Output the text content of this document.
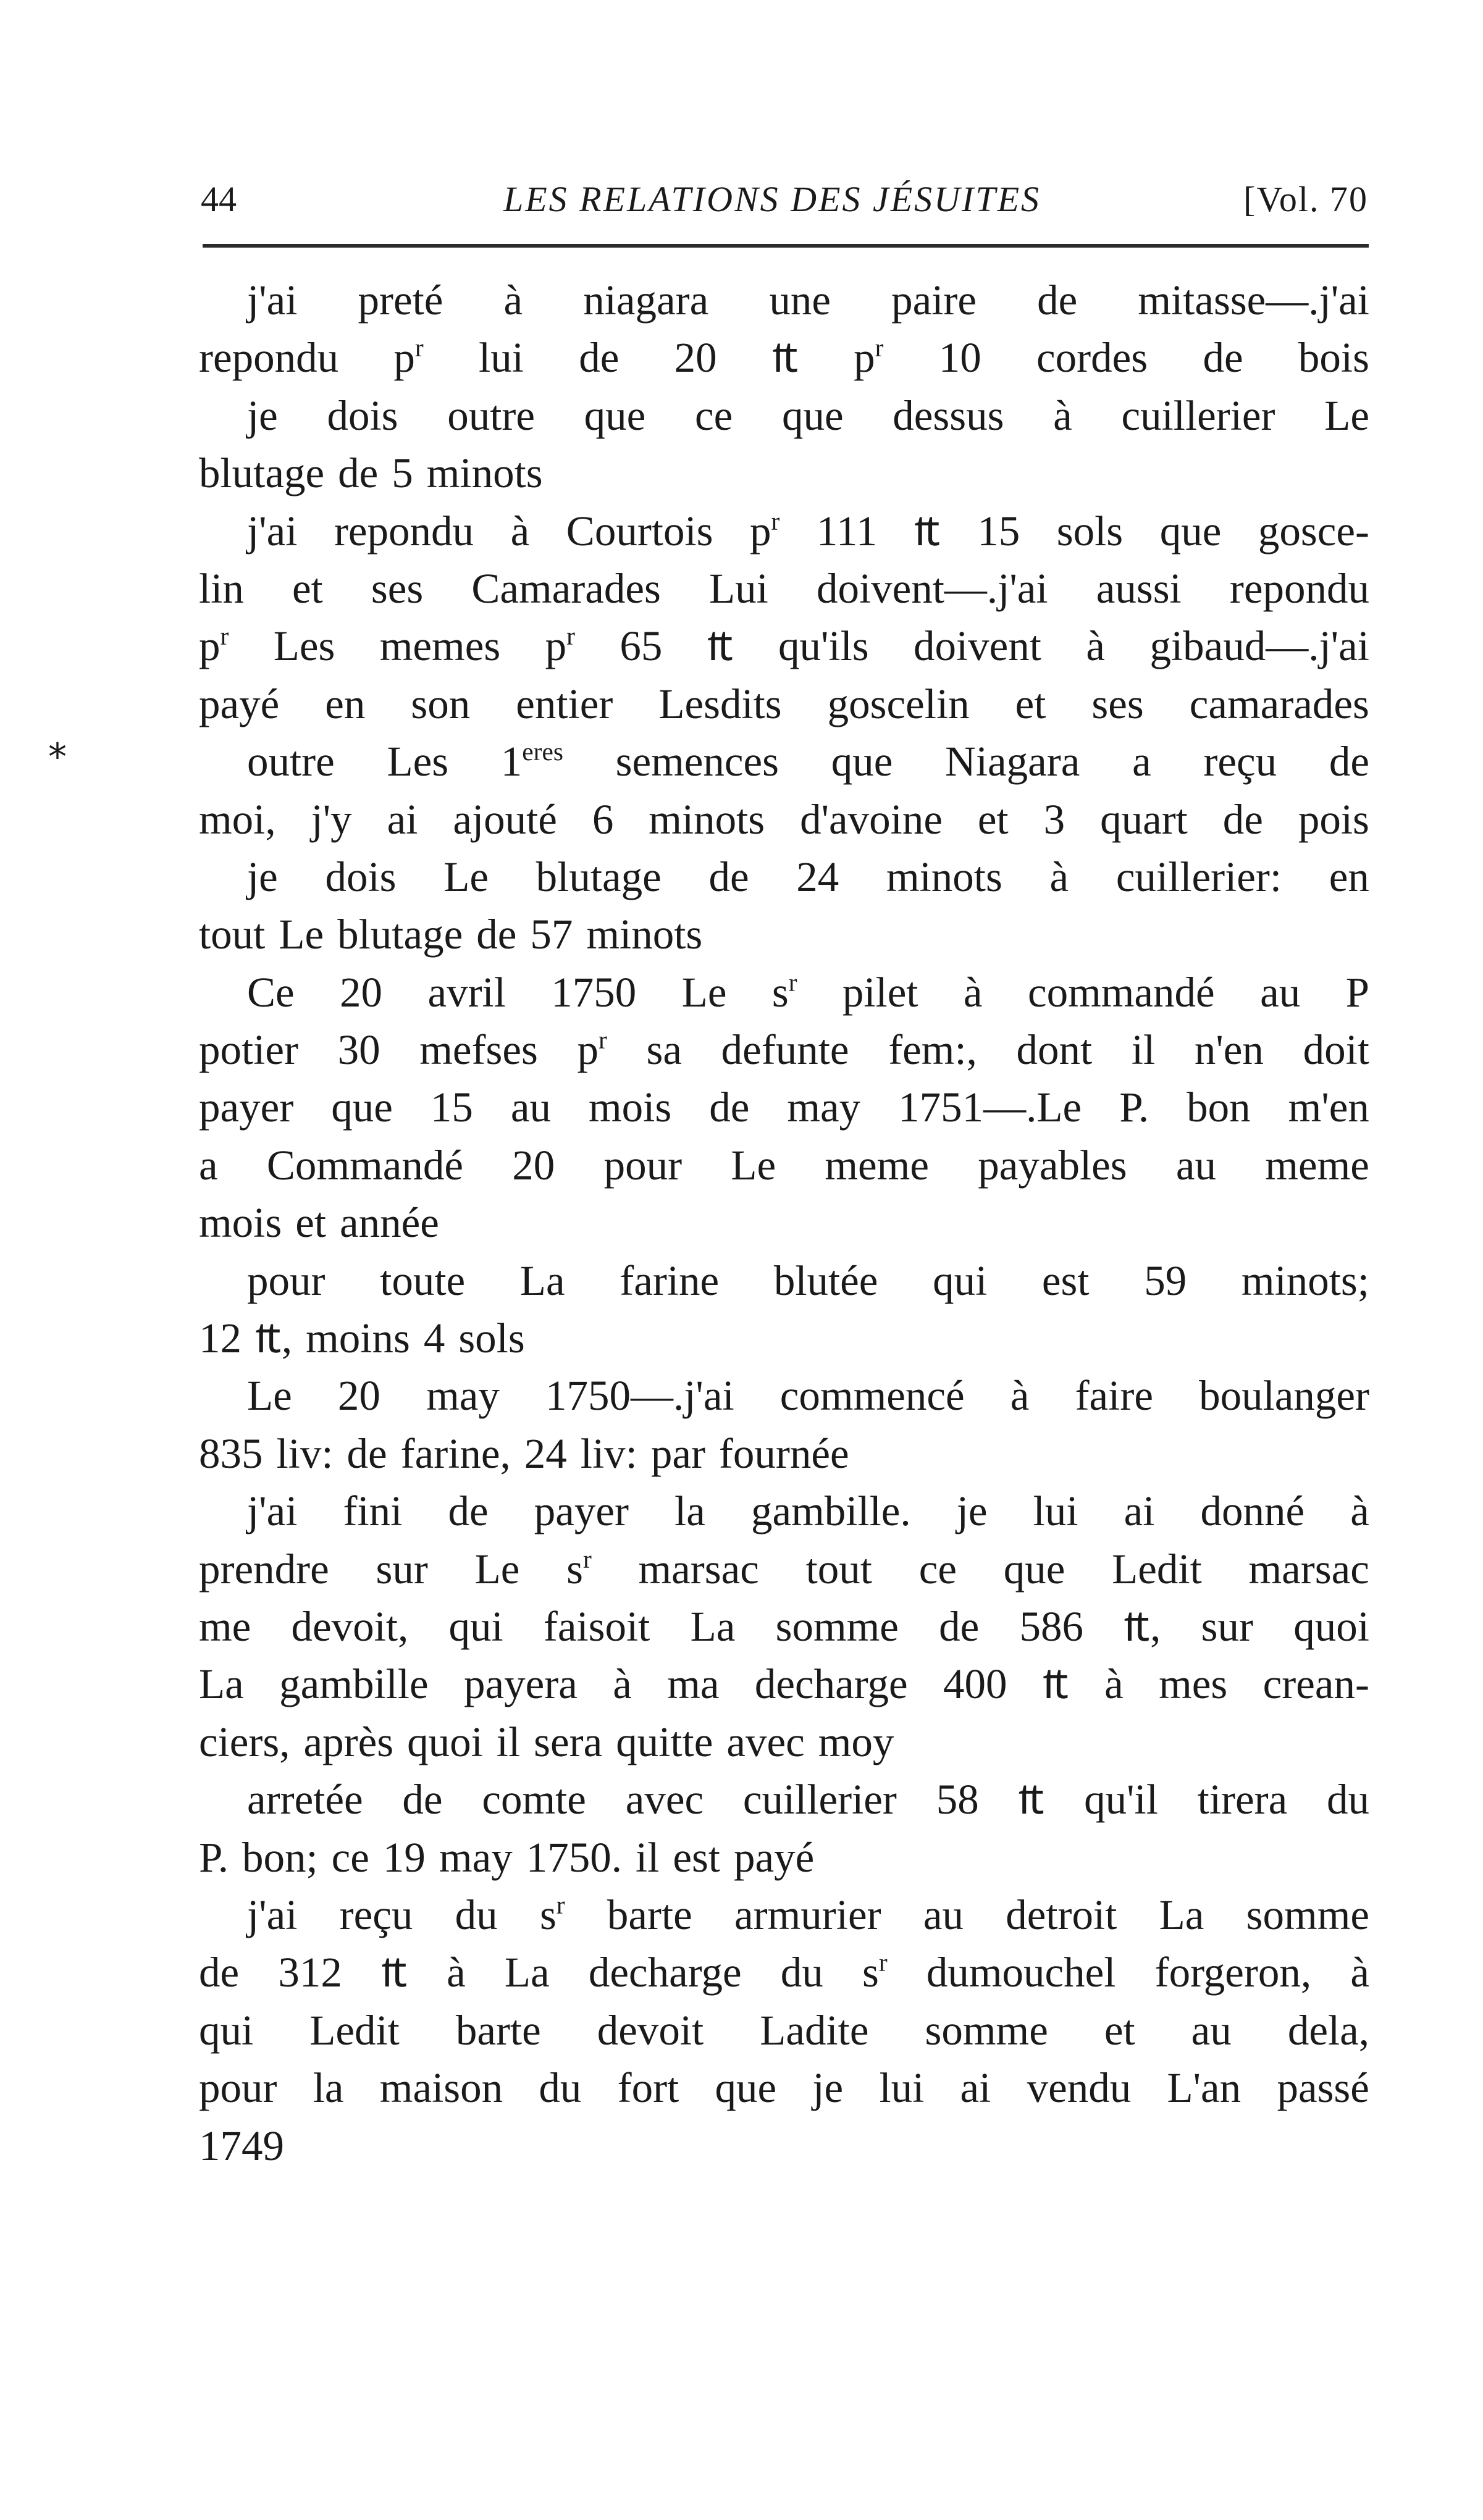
44	LES RELATIONS DES JÉSUITES	[Vol. 70
*
j'ai preté à niagara une paire de mitasse—.j'ai
repondu $p^r$ lui de 20 ₶ $p^r$ 10 cordes de bois
je dois outre que ce que dessus à cuillerier Le
blutage de 5 minots
j'ai repondu à Courtois $p^r$ 111 ₶ 15 sols que gosce-
lin et ses Camarades Lui doivent—.j'ai aussi repondu
$p^r$ Les memes $p^r$ 65 ₶ qu'ils doivent à gibaud—.j'ai
payé en son entier Lesdits goscelin et ses camarades
outre Les $1^{eres}$ semences que Niagara a reçu de
moi, j'y ai ajouté 6 minots d'avoine et 3 quart de pois
je dois Le blutage de 24 minots à cuillerier: en
tout Le blutage de 57 minots
Ce 20 avril 1750 Le $s^r$ pilet à commandé au P
potier 30 mefses $p^r$ sa defunte fem:, dont il n'en doit
payer que 15 au mois de may 1751—.Le P. bon m'en
a Commandé 20 pour Le meme payables au meme
mois et année
pour toute La farine blutée qui est 59 minots;
12 ₶, moins 4 sols
Le 20 may 1750—.j'ai commencé à faire boulanger
835 liv: de farine, 24 liv: par fournée
j'ai fini de payer la gambille. je lui ai donné à
prendre sur Le $s^r$ marsac tout ce que Ledit marsac
me devoit, qui faisoit La somme de 586 ₶, sur quoi
La gambille payera à ma decharge 400 ₶ à mes crean-
ciers, après quoi il sera quitte avec moy
arretée de comte avec cuillerier 58 ₶ qu'il tirera du
P. bon; ce 19 may 1750. il est payé
j'ai reçu du $s^r$ barte armurier au detroit La somme
de 312 ₶ à La decharge du $s^r$ dumouchel forgeron, à
qui Ledit barte devoit Ladite somme et au dela,
pour la maison du fort que je lui ai vendu L'an passé
1749
